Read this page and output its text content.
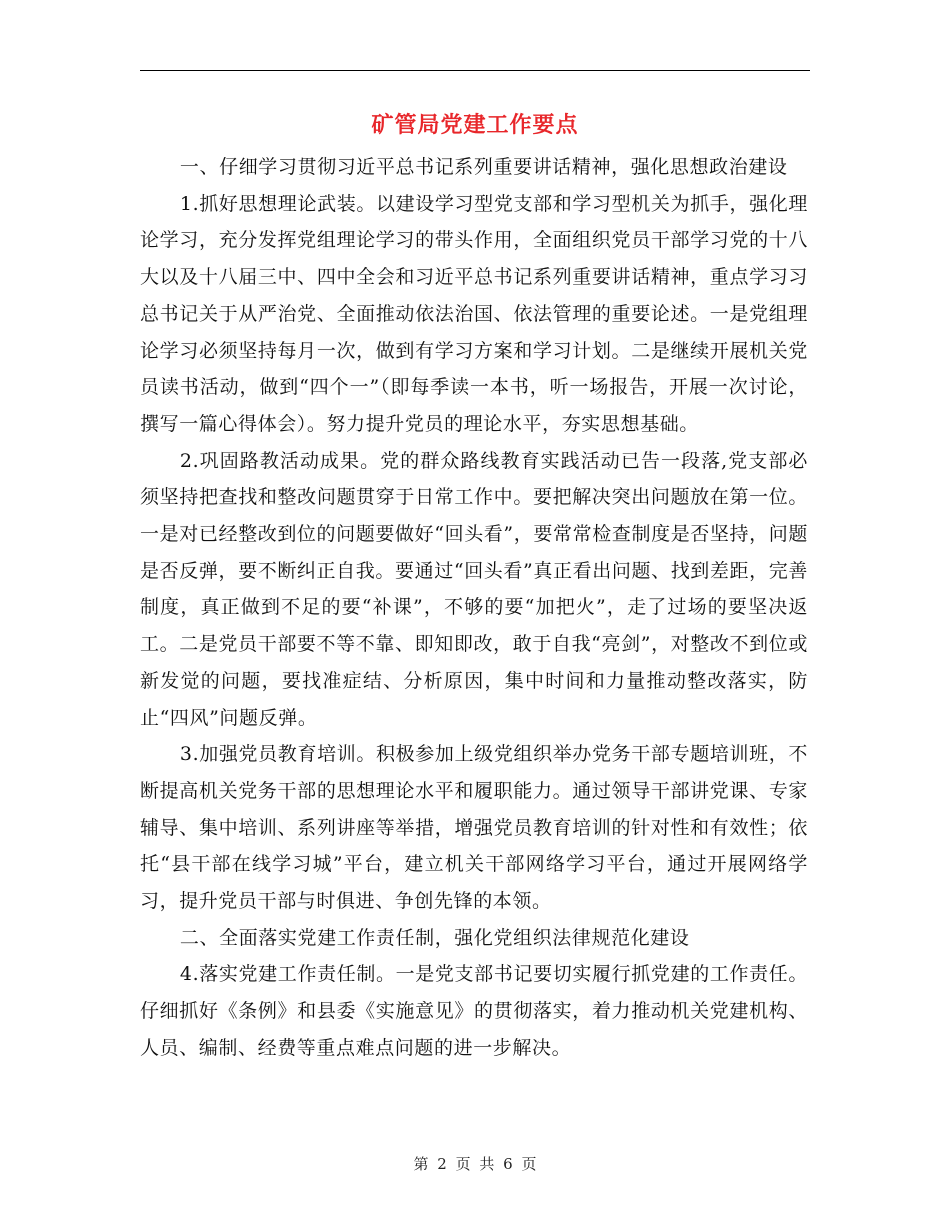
矿管局党建工作要点

一、仔细学习贯彻习近平总书记系列重要讲话精神，强化思想政治建设

1.抓好思想理论武装。以建设学习型党支部和学习型机关为抓手，强化理论学习，充分发挥党组理论学习的带头作用，全面组织党员干部学习党的十八大以及十八届三中、四中全会和习近平总书记系列重要讲话精神，重点学习习总书记关于从严治党、全面推动依法治国、依法管理的重要论述。一是党组理论学习必须坚持每月一次，做到有学习方案和学习计划。二是继续开展机关党员读书活动，做到“四个一”（即每季读一本书，听一场报告，开展一次讨论，撰写一篇心得体会）。努力提升党员的理论水平，夯实思想基础。

2.巩固路教活动成果。党的群众路线教育实践活动已告一段落,党支部必须坚持把查找和整改问题贯穿于日常工作中。要把解决突出问题放在第一位。一是对已经整改到位的问题要做好“回头看”，要常常检查制度是否坚持，问题是否反弹，要不断纠正自我。要通过“回头看”真正看出问题、找到差距，完善制度，真正做到不足的要“补课”，不够的要“加把火”，走了过场的要坚决返工。二是党员干部要不等不靠、即知即改，敢于自我“亮剑”，对整改不到位或新发觉的问题，要找准症结、分析原因，集中时间和力量推动整改落实，防止“四风”问题反弹。

3.加强党员教育培训。积极参加上级党组织举办党务干部专题培训班，不断提高机关党务干部的思想理论水平和履职能力。通过领导干部讲党课、专家辅导、集中培训、系列讲座等举措，增强党员教育培训的针对性和有效性；依托“县干部在线学习城”平台，建立机关干部网络学习平台，通过开展网络学习，提升党员干部与时俱进、争创先锋的本领。

二、全面落实党建工作责任制，强化党组织法律规范化建设

4.落实党建工作责任制。一是党支部书记要切实履行抓党建的工作责任。仔细抓好《条例》和县委《实施意见》的贯彻落实，着力推动机关党建机构、人员、编制、经费等重点难点问题的进一步解决。

第 2 页 共 6 页
